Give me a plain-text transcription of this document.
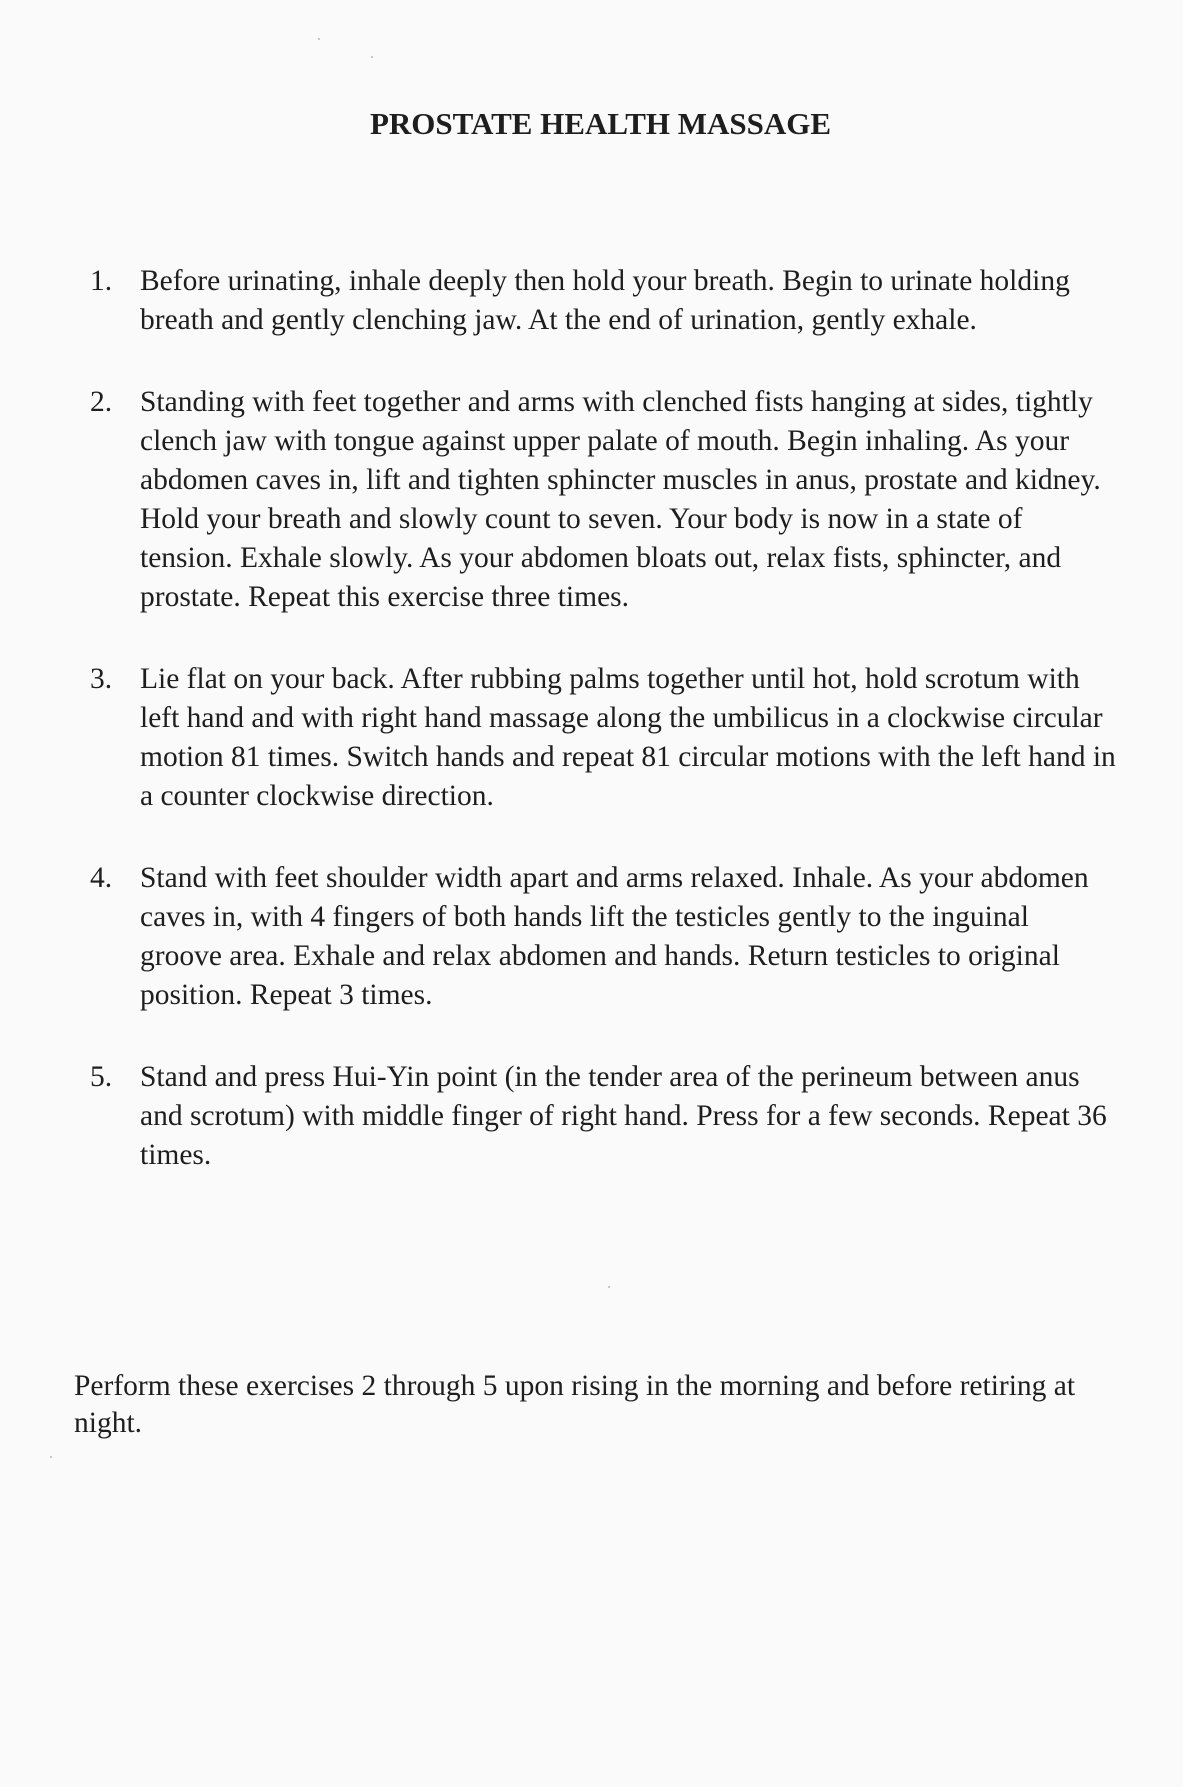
PROSTATE HEALTH MASSAGE
1. Before urinating, inhale deeply then hold your breath. Begin to urinate holding breath and gently clenching jaw. At the end of urination, gently exhale.
2. Standing with feet together and arms with clenched fists hanging at sides, tightly clench jaw with tongue against upper palate of mouth. Begin inhaling. As your abdomen caves in, lift and tighten sphincter muscles in anus, prostate and kidney. Hold your breath and slowly count to seven. Your body is now in a state of tension. Exhale slowly. As your abdomen bloats out, relax fists, sphincter, and prostate. Repeat this exercise three times.
3. Lie flat on your back. After rubbing palms together until hot, hold scrotum with left hand and with right hand massage along the umbilicus in a clockwise circular motion 81 times. Switch hands and repeat 81 circular motions with the left hand in a counter clockwise direction.
4. Stand with feet shoulder width apart and arms relaxed. Inhale. As your abdomen caves in, with 4 fingers of both hands lift the testicles gently to the inguinal groove area. Exhale and relax abdomen and hands. Return testicles to original position. Repeat 3 times.
5. Stand and press Hui-Yin point (in the tender area of the perineum between anus and scrotum) with middle finger of right hand. Press for a few seconds. Repeat 36 times.
Perform these exercises 2 through 5 upon rising in the morning and before retiring at night.
